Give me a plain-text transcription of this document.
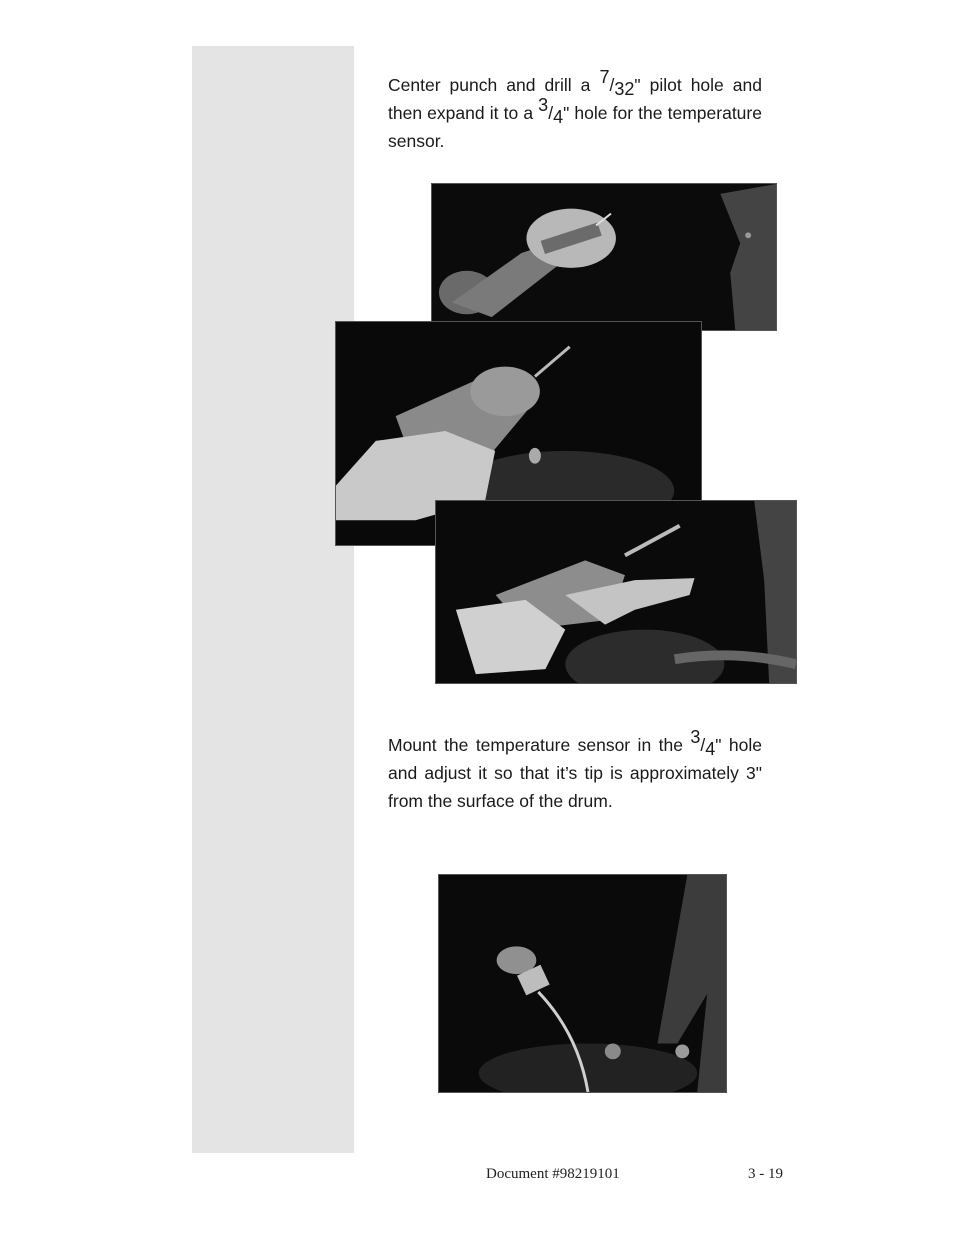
Center punch and drill a $^7/_{32}$" pilot hole and then expand it to a $^3/_4$" hole for the temperature sensor.

Mount the temperature sensor in the $^3/_4$" hole and adjust it so that it’s tip is approximately 3" from the surface of the drum.

Document #98219101	3 - 19
